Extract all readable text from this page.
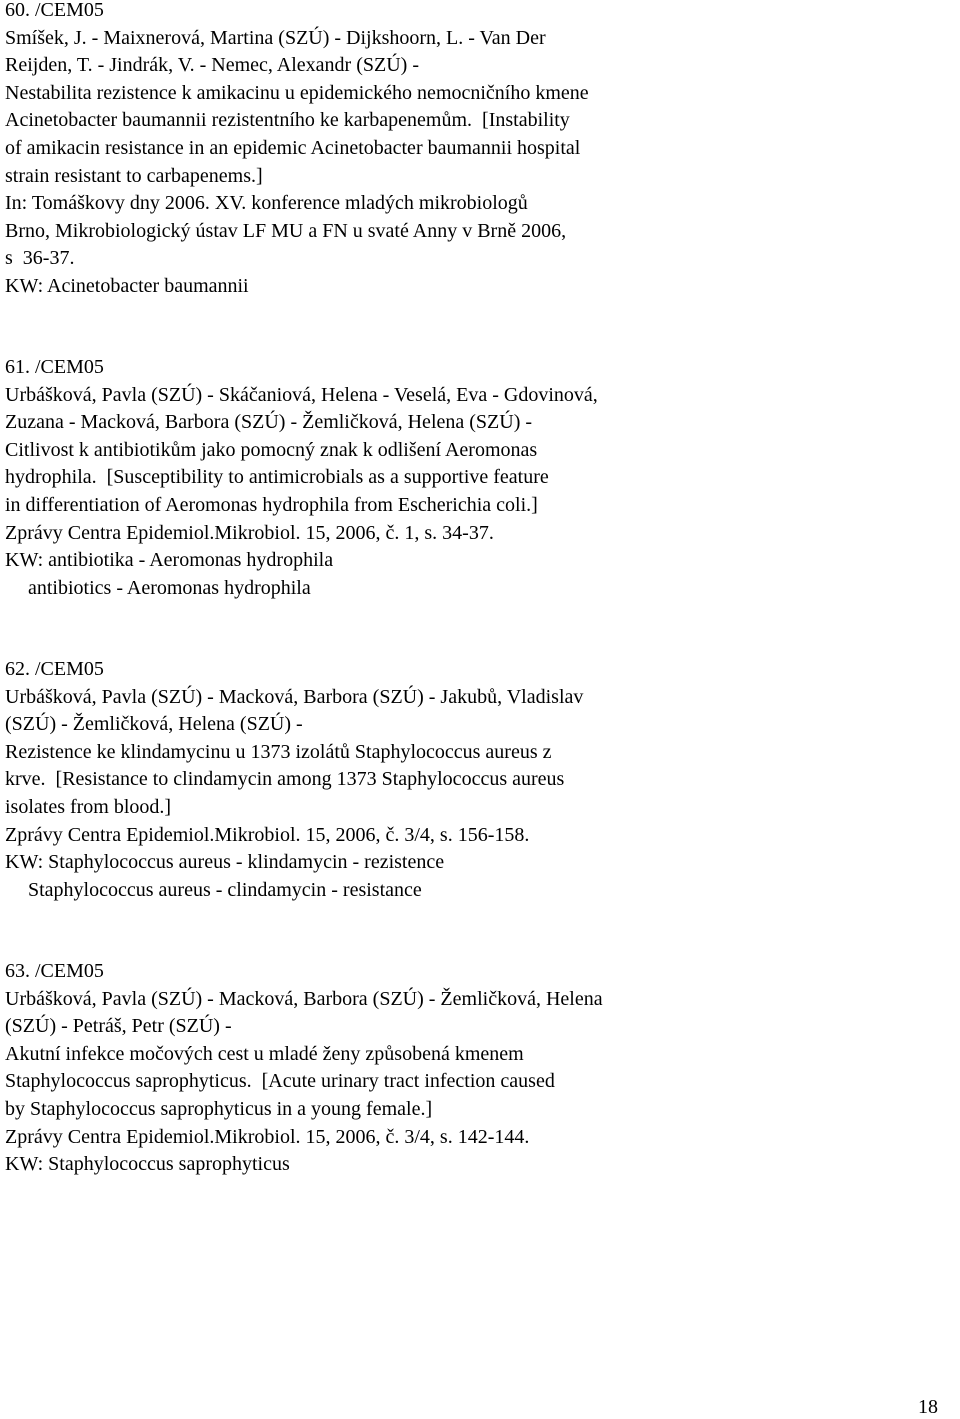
60. /CEM05
Smíšek, J. - Maixnerová, Martina (SZÚ) - Dijkshoorn, L. - Van Der
Reijden, T. - Jindrák, V. - Nemec, Alexandr (SZÚ) -
Nestabilita rezistence k amikacinu u epidemického nemocničního kmene
Acinetobacter baumannii rezistentního ke karbapenemům.  [Instability
of amikacin resistance in an epidemic Acinetobacter baumannii hospital
strain resistant to carbapenems.]
In: Tomáškovy dny 2006. XV. konference mladých mikrobiologů
Brno, Mikrobiologický ústav LF MU a FN u svaté Anny v Brně 2006,
s  36-37.
KW: Acinetobacter baumannii
61. /CEM05
Urbášková, Pavla (SZÚ) - Skáčaniová, Helena - Veselá, Eva - Gdovinová,
Zuzana - Macková, Barbora (SZÚ) - Žemličková, Helena (SZÚ) -
Citlivost k antibiotikům jako pomocný znak k odlišení Aeromonas
hydrophila.  [Susceptibility to antimicrobials as a supportive feature
in differentiation of Aeromonas hydrophila from Escherichia coli.]
Zprávy Centra Epidemiol.Mikrobiol. 15, 2006, č. 1, s. 34-37.
KW: antibiotika - Aeromonas hydrophila
antibiotics - Aeromonas hydrophila
62. /CEM05
Urbášková, Pavla (SZÚ) - Macková, Barbora (SZÚ) - Jakubů, Vladislav
(SZÚ) - Žemličková, Helena (SZÚ) -
Rezistence ke klindamycinu u 1373 izolátů Staphylococcus aureus z
krve.  [Resistance to clindamycin among 1373 Staphylococcus aureus
isolates from blood.]
Zprávy Centra Epidemiol.Mikrobiol. 15, 2006, č. 3/4, s. 156-158.
KW: Staphylococcus aureus - klindamycin - rezistence
Staphylococcus aureus - clindamycin - resistance
63. /CEM05
Urbášková, Pavla (SZÚ) - Macková, Barbora (SZÚ) - Žemličková, Helena
(SZÚ) - Petráš, Petr (SZÚ) -
Akutní infekce močových cest u mladé ženy způsobená kmenem
Staphylococcus saprophyticus.  [Acute urinary tract infection caused
by Staphylococcus saprophyticus in a young female.]
Zprávy Centra Epidemiol.Mikrobiol. 15, 2006, č. 3/4, s. 142-144.
KW: Staphylococcus saprophyticus
18
